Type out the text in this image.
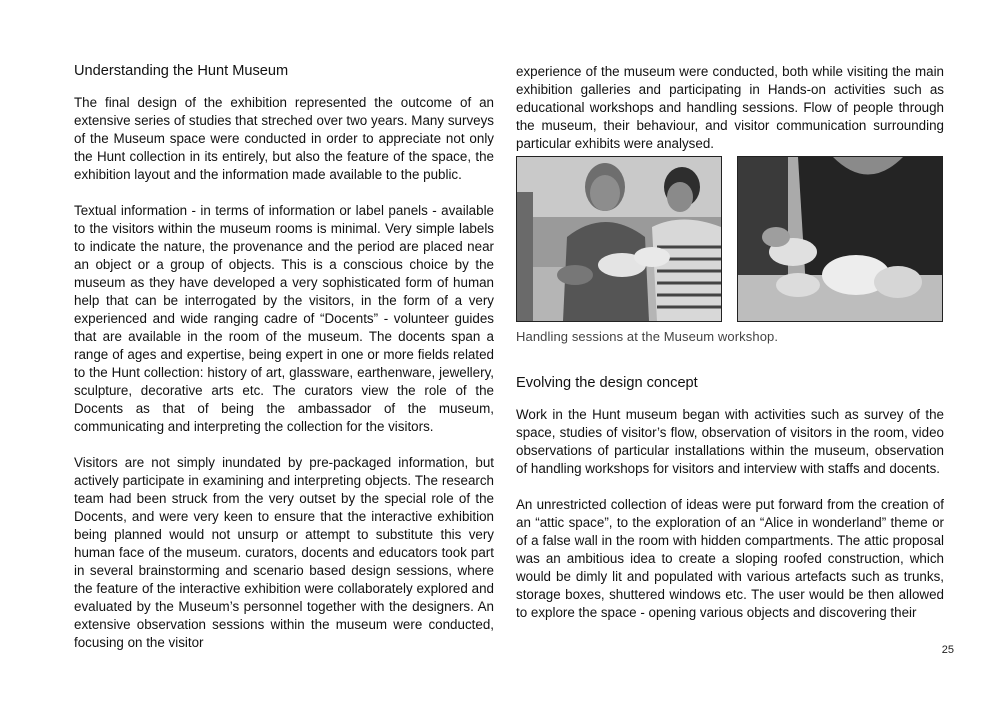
Understanding the Hunt Museum

The final design of the exhibition represented the outcome of an extensive series of studies that streched over two years. Many surveys of the Museum space were conducted in order to appreciate not only the Hunt collection in its entirely, but also the feature of the space, the exhibition layout and the information made available to the public.

Textual information - in terms of information or label panels - available to the visitors within the museum rooms is minimal. Very simple labels to indicate the nature, the provenance and the period are placed near an object or a group of objects. This is a conscious choice by the museum as they have developed a very sophisticated form of human help that can be interrogated by the visitors, in the form of a very experienced and wide ranging cadre of “Docents” - volunteer guides that are available in the room of the museum. The docents span a range of ages and expertise, being expert in one or more fields related to the Hunt collection: history of art, glassware, earthenware, jewellery, sculpture, decorative arts etc. The curators view the role of the Docents as that of being the ambassador of the museum, communicating and interpreting the collection for the visitors.

Visitors are not simply inundated by pre-packaged information, but actively participate in examining and interpreting objects. The research team had been struck from the very outset by the special role of the Docents, and were very keen to ensure that the interactive exhibition being planned would not unsurp or attempt to substitute this very human face of the museum. curators, docents and educators took part in several brainstorming and scenario based design sessions, where the feature of the interactive exhibition were collaborately explored and evaluated by the Museum’s personnel together with the designers. An extensive observation sessions within the museum were conducted, focusing on the visitor

experience of the museum were conducted, both while visiting the main exhibition galleries and participating in Hands-on activities such as educational workshops and handling sessions. Flow of people through the museum, their behaviour, and visitor communication surrounding particular exhibits were analysed.

Handling sessions at the Museum workshop.
Evolving the design concept

Work in the Hunt museum began with activities such as survey of the space, studies of visitor’s flow, observation of visitors in the room, video observations of particular installations within the museum, observation of handling workshops for visitors and interview with staffs and docents.

An unrestricted collection of ideas were put forward from the creation of an “attic space”, to the exploration of an “Alice in wonderland” theme or of a false wall in the room with hidden compartments. The attic proposal was an ambitious idea to create a sloping roofed construction, which would be dimly lit and populated with various artefacts such as trunks, storage boxes, shuttered windows etc. The user would be then allowed to explore the space - opening various objects and discovering their

25
